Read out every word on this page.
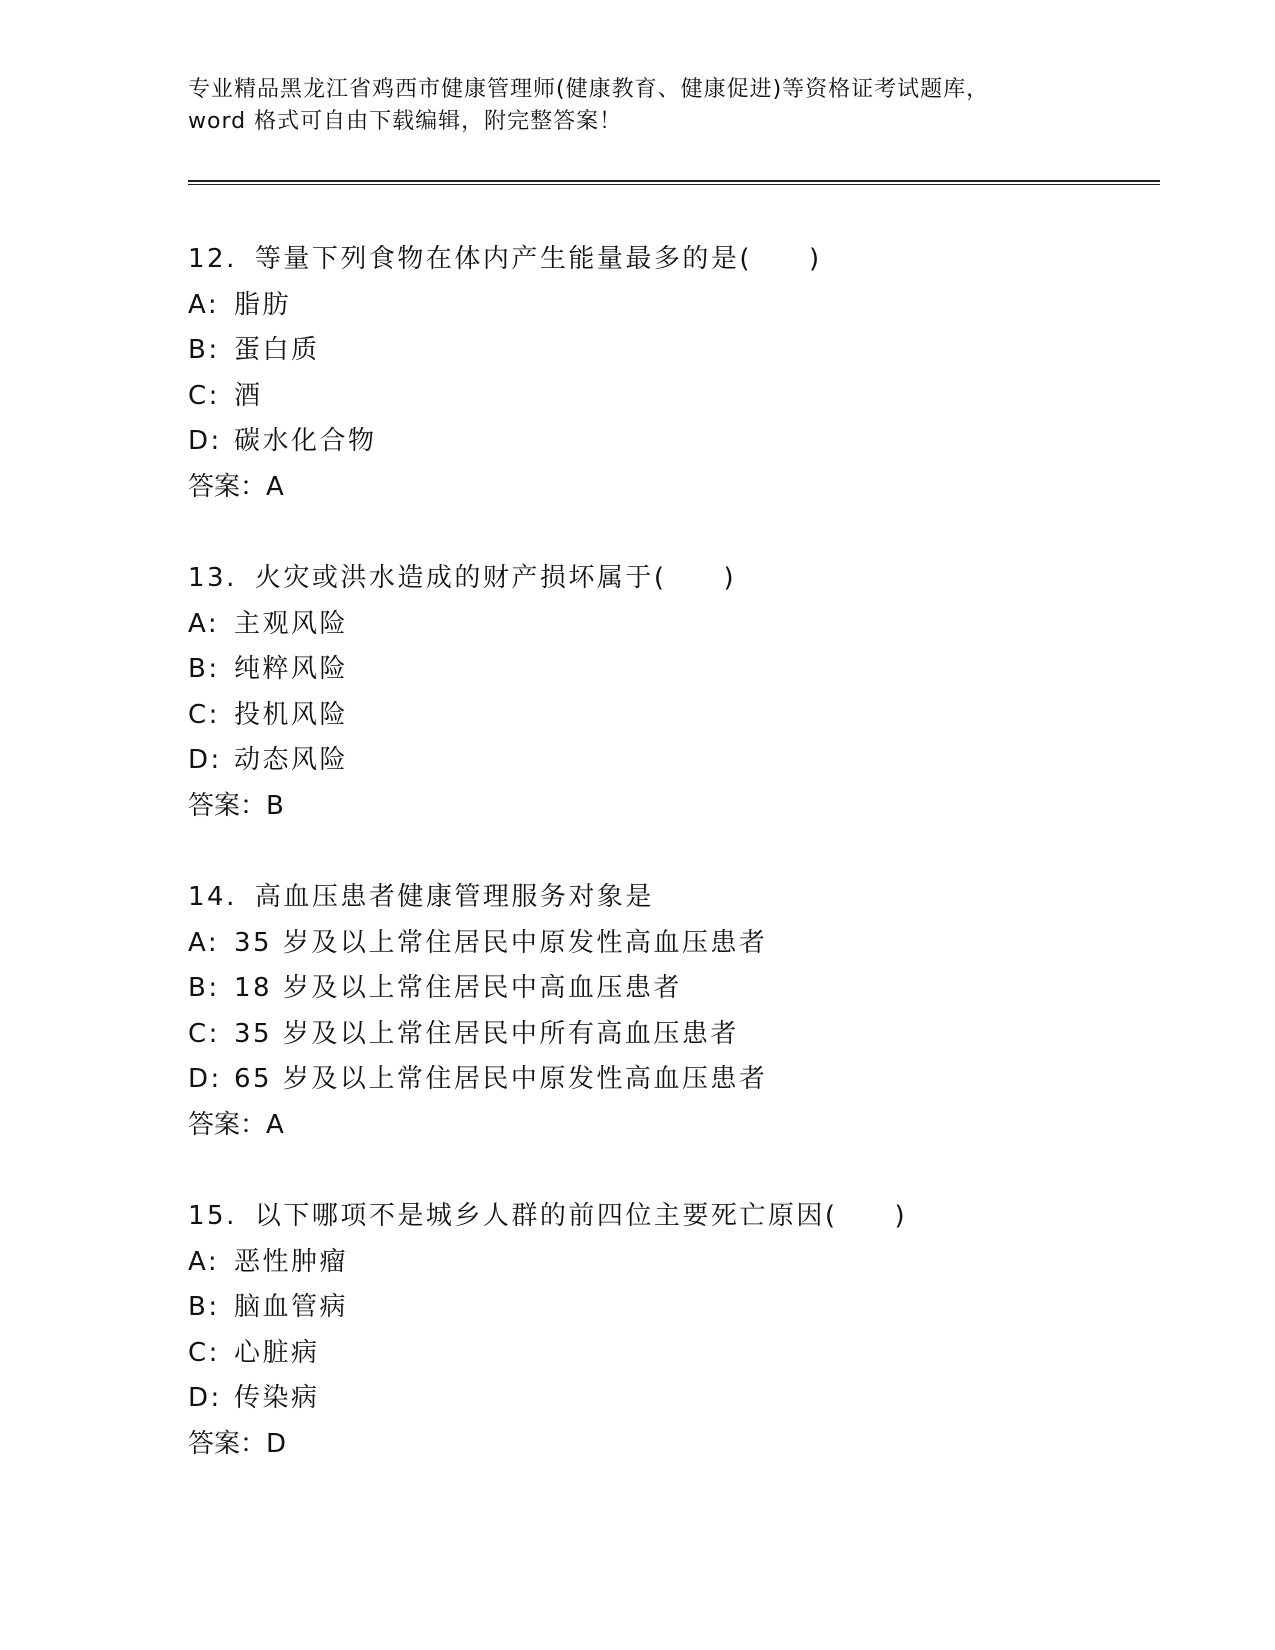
专业精品黑龙江省鸡西市健康管理师(健康教育、健康促进)等资格证考试题库，
word 格式可自由下载编辑，附完整答案！
12. 等量下列食物在体内产生能量最多的是(　　)
A: 脂肪
B: 蛋白质
C: 酒
D: 碳水化合物
答案：A
13. 火灾或洪水造成的财产损坏属于(　　)
A: 主观风险
B: 纯粹风险
C: 投机风险
D: 动态风险
答案：B
14. 高血压患者健康管理服务对象是
A: 35 岁及以上常住居民中原发性高血压患者
B: 18 岁及以上常住居民中高血压患者
C: 35 岁及以上常住居民中所有高血压患者
D: 65 岁及以上常住居民中原发性高血压患者
答案：A
15. 以下哪项不是城乡人群的前四位主要死亡原因(　　)
A: 恶性肿瘤
B: 脑血管病
C: 心脏病
D: 传染病
答案：D
